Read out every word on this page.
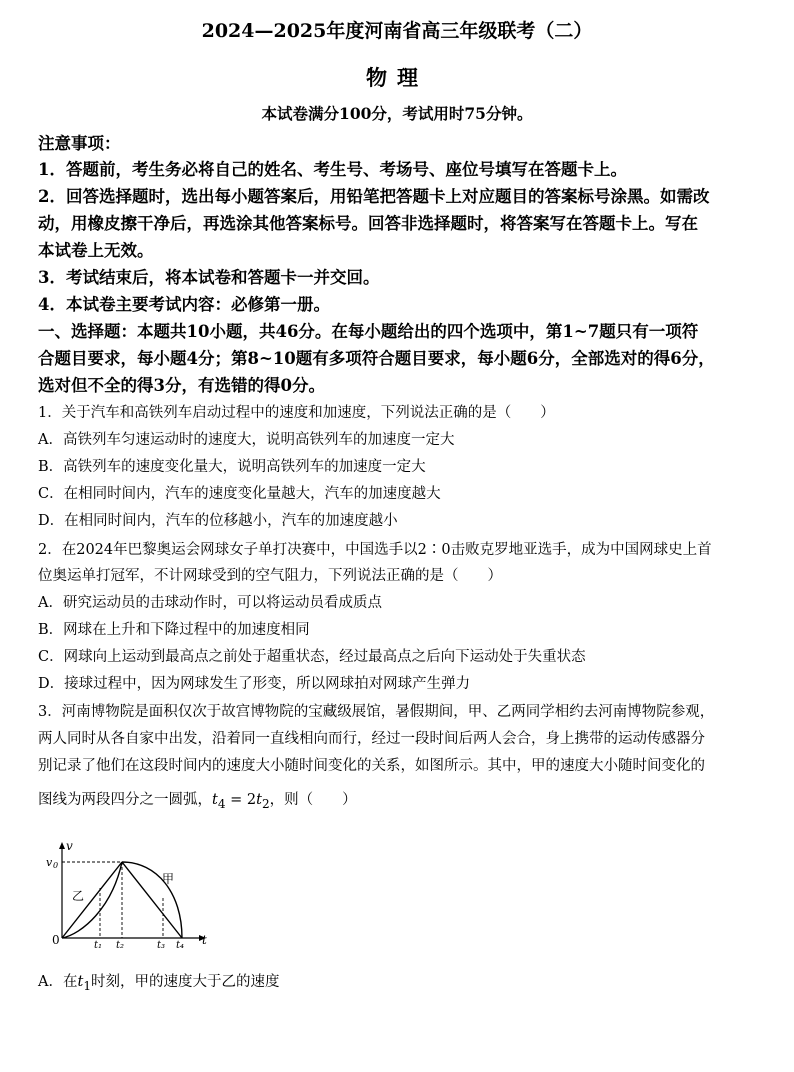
2024—2025年度河南省高三年级联考（二）
物理
本试卷满分100分，考试用时75分钟。
注意事项：
1．答题前，考生务必将自己的姓名、考生号、考场号、座位号填写在答题卡上。
2．回答选择题时，选出每小题答案后，用铅笔把答题卡上对应题目的答案标号涂黑。如需改
动，用橡皮擦干净后，再选涂其他答案标号。回答非选择题时，将答案写在答题卡上。写在
本试卷上无效。
3．考试结束后，将本试卷和答题卡一并交回。
4．本试卷主要考试内容：必修第一册。
一、选择题：本题共10小题，共46分。在每小题给出的四个选项中，第1~7题只有一项符
合题目要求，每小题4分；第8~10题有多项符合题目要求，每小题6分，全部选对的得6分，
选对但不全的得3分，有选错的得0分。
1．关于汽车和高铁列车启动过程中的速度和加速度，下列说法正确的是（　　）
A．高铁列车匀速运动时的速度大，说明高铁列车的加速度一定大
B．高铁列车的速度变化量大，说明高铁列车的加速度一定大
C．在相同时间内，汽车的速度变化量越大，汽车的加速度越大
D．在相同时间内，汽车的位移越小，汽车的加速度越小
2．在2024年巴黎奥运会网球女子单打决赛中，中国选手以2∶0击败克罗地亚选手，成为中国网球史上首
位奥运单打冠军，不计网球受到的空气阻力，下列说法正确的是（　　）
A．研究运动员的击球动作时，可以将运动员看成质点
B．网球在上升和下降过程中的加速度相同
C．网球向上运动到最高点之前处于超重状态，经过最高点之后向下运动处于失重状态
D．接球过程中，因为网球发生了形变，所以网球拍对网球产生弹力
3．河南博物院是面积仅次于故宫博物院的宝藏级展馆，暑假期间，甲、乙两同学相约去河南博物院参观，
两人同时从各自家中出发，沿着同一直线相向而行，经过一段时间后两人会合，身上携带的运动传感器分
别记录了他们在这段时间内的速度大小随时间变化的关系，如图所示。其中，甲的速度大小随时间变化的
图线为两段四分之一圆弧，$t_4 = 2t_2$，则（　　）
v
v 0
0	t₁ t₂	t₃ t₄ t
甲
乙
A．在$t_1$时刻，甲的速度大于乙的速度
